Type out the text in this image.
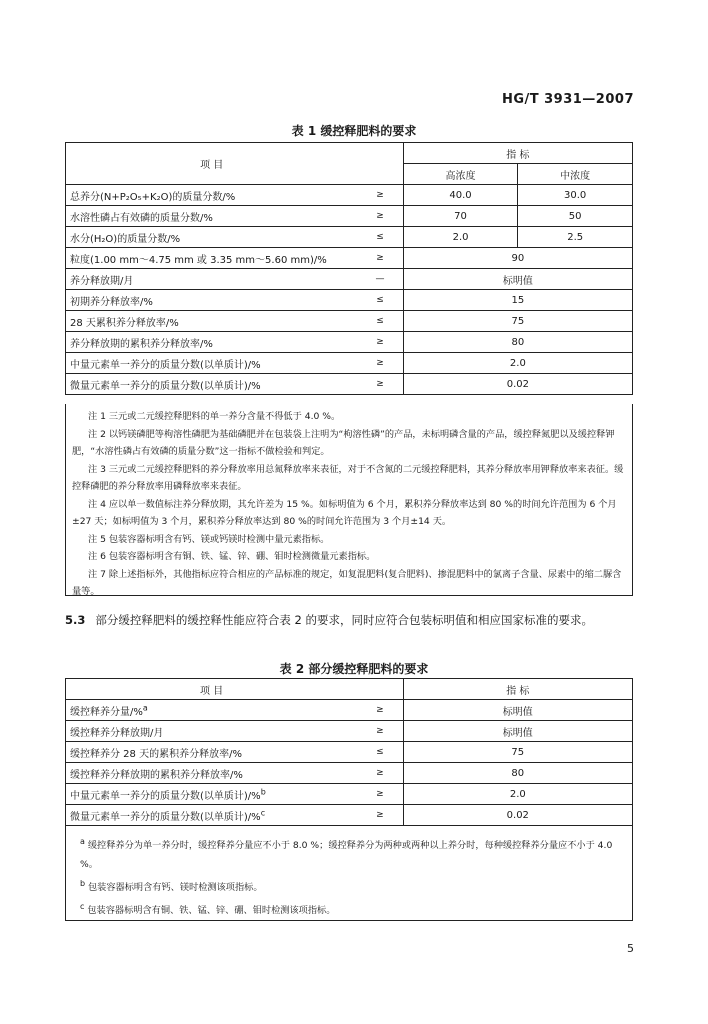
HG/T 3931—2007
表 1 缓控释肥料的要求
项 目		指 标	
		高浓度	中浓度
总养分(N+P₂O₅+K₂O)的质量分数/%	≥	40.0	30.0
水溶性磷占有效磷的质量分数/%	≥	70	50
水分(H₂O)的质量分数/%	≤	2.0	2.5
粒度(1.00 mm～4.75 mm 或 3.35 mm～5.60 mm)/%	≥	90	
养分释放期/月	—	标明值	
初期养分释放率/%	≤	15	
28 天累积养分释放率/%	≤	75	
养分释放期的累积养分释放率/%	≥	80	
中量元素单一养分的质量分数(以单质计)/%	≥	2.0	
微量元素单一养分的质量分数(以单质计)/%	≥	0.02	

注 1 三元或二元缓控释肥料的单一养分含量不得低于 4.0 %。

注 2 以钙镁磷肥等枸溶性磷肥为基础磷肥并在包装袋上注明为“枸溶性磷”的产品，未标明磷含量的产品，缓控释氮肥以及缓控释钾肥，“水溶性磷占有效磷的质量分数”这一指标不做检验和判定。

注 3 三元或二元缓控释肥料的养分释放率用总氮释放率来表征，对于不含氮的二元缓控释肥料，其养分释放率用钾释放率来表征。缓控释磷肥的养分释放率用磷释放率来表征。

注 4 应以单一数值标注养分释放期，其允许差为 15 %。如标明值为 6 个月，累积养分释放率达到 80 %的时间允许范围为 6 个月±27 天；如标明值为 3 个月，累积养分释放率达到 80 %的时间允许范围为 3 个月±14 天。

注 5 包装容器标明含有钙、镁或钙镁时检测中量元素指标。

注 6 包装容器标明含有铜、铁、锰、锌、硼、钼时检测微量元素指标。

注 7 除上述指标外，其他指标应符合相应的产品标准的规定，如复混肥料(复合肥料)、掺混肥料中的氯离子含量、尿素中的缩二脲含量等。

5.3 部分缓控释肥料的缓控释性能应符合表 2 的要求，同时应符合包装标明值和相应国家标准的要求。
表 2 部分缓控释肥料的要求
项 目		指 标
缓控释养分量/%$^a$	≥	标明值
缓控释养分释放期/月	≥	标明值
缓控释养分 28 天的累积养分释放率/%	≤	75
缓控释养分释放期的累积养分释放率/%	≥	80
中量元素单一养分的质量分数(以单质计)/%$^b$	≥	2.0
微量元素单一养分的质量分数(以单质计)/%$^c$	≥	0.02

a 缓控释养分为单一养分时，缓控释养分量应不小于 8.0 %；缓控释养分为两种或两种以上养分时，每种缓控释养分量应不小于 4.0 %。

b 包装容器标明含有钙、镁时检测该项指标。

c 包装容器标明含有铜、铁、锰、锌、硼、钼时检测该项指标。

5
